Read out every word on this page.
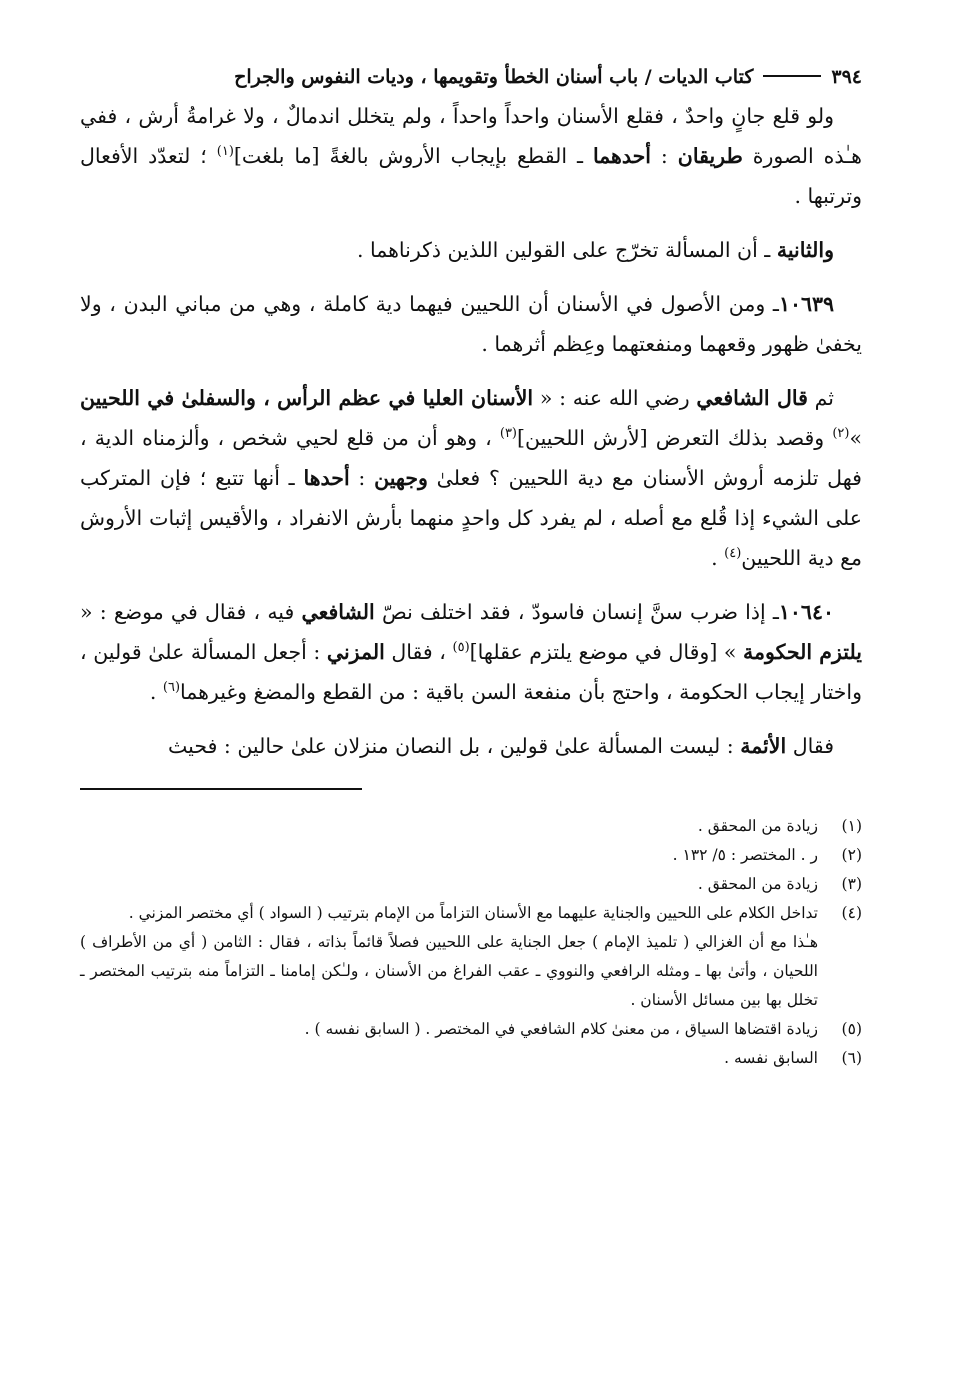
٣٩٤
كتاب الديات / باب أسنان الخطأ وتقويمها ، وديات النفوس والجراح

ولو قلع جانٍ واحدٌ ، فقلع الأسنان واحداً واحداً ، ولم يتخلل اندمالٌ ، ولا غرامةُ أرش ، ففي هـٰذه الصورة طريقان : أحدهما ـ القطع بإيجاب الأروش بالغةً [ما بلغت]$^{(١)}$ ؛ لتعدّد الأفعال وترتبها .

والثانية ـ أن المسألة تخرّج على القولين اللذين ذكرناهما .

١٠٦٣٩ـ ومن الأصول في الأسنان أن اللحيين فيهما دية كاملة ، وهي من مباني البدن ، ولا يخفىٰ ظهور وقعهما ومنفعتهما وعِظم أثرهما .

ثم قال الشافعي رضي الله عنه : « الأسنان العليا في عظم الرأس ، والسفلىٰ في اللحيين »$^{(٢)}$ وقصد بذلك التعرض [لأرش اللحيين]$^{(٣)}$ ، وهو أن من قلع لحيي شخص ، وألزمناه الدية ، فهل تلزمه أروش الأسنان مع دية اللحيين ؟ فعلىٰ وجهين : أحدها ـ أنها تتبع ؛ فإن المتركب على الشيء إذا قُلع مع أصله ، لم يفرد كل واحدٍ منهما بأرش الانفراد ، والأقيس إثبات الأروش مع دية اللحيين$^{(٤)}$ .

١٠٦٤٠ـ إذا ضرب سنَّ إنسان فاسودّ ، فقد اختلف نصّ الشافعي فيه ، فقال في موضع : « يلتزم الحكومة » [وقال في موضع يلتزم عقلها]$^{(٥)}$ ، فقال المزني : أجعل المسألة علىٰ قولين ، واختار إيجاب الحكومة ، واحتج بأن منفعة السن باقية : من القطع والمضغ وغيرهما$^{(٦)}$ .

فقال الأئمة : ليست المسألة علىٰ قولين ، بل النصان منزلان علىٰ حالين : فحيث

(١)
زيادة من المحقق .
(٢)
ر . المختصر : ٥/ ١٣٢ .
(٣)
زيادة من المحقق .
(٤)
تداخل الكلام على اللحيين والجناية عليهما مع الأسنان التزاماً من الإمام بترتيب ( السواد ) أي مختصر المزني .
هـٰذا مع أن الغزالي ( تلميذ الإمام ) جعل الجناية على اللحيين فصلاً قائماً بذاته ، فقال : الثامن ( أي من الأطراف ) اللحيان ، وأتىٰ بها ـ ومثله الرافعي والنووي ـ عقب الفراغ من الأسنان ، ولـٰكن إمامنا ـ التزاماً منه بترتيب المختصر ـ تخلل بها بين مسائل الأسنان .
(٥)
زيادة اقتضاها السياق ، من معنىٰ كلام الشافعي في المختصر . ( السابق نفسه ) .
(٦)
السابق نفسه .
